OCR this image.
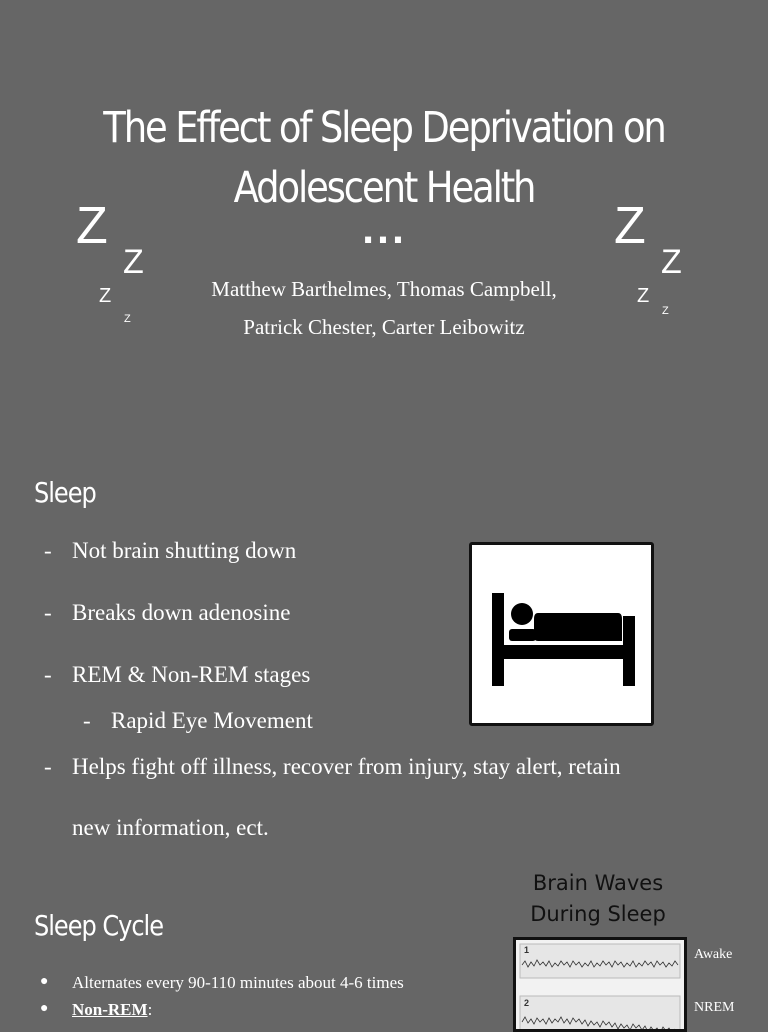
The Effect of Sleep Deprivation on
Adolescent Health
...
Matthew Barthelmes, Thomas Campbell,
Patrick Chester, Carter Leibowitz
Z
Z
Z
Z
Z
Z
Z
Z
Sleep
- Not brain shutting down
- Breaks down adenosine
- REM & Non-REM stages
- Rapid Eye Movement
- Helps fight off illness, recover from injury, stay alert, retain
new information, ect.
Sleep Cycle
● Alternates every 90-110 minutes about 4-6 times
● Non-REM:
Brain Waves
During Sleep
1
2
Awake
NREM
